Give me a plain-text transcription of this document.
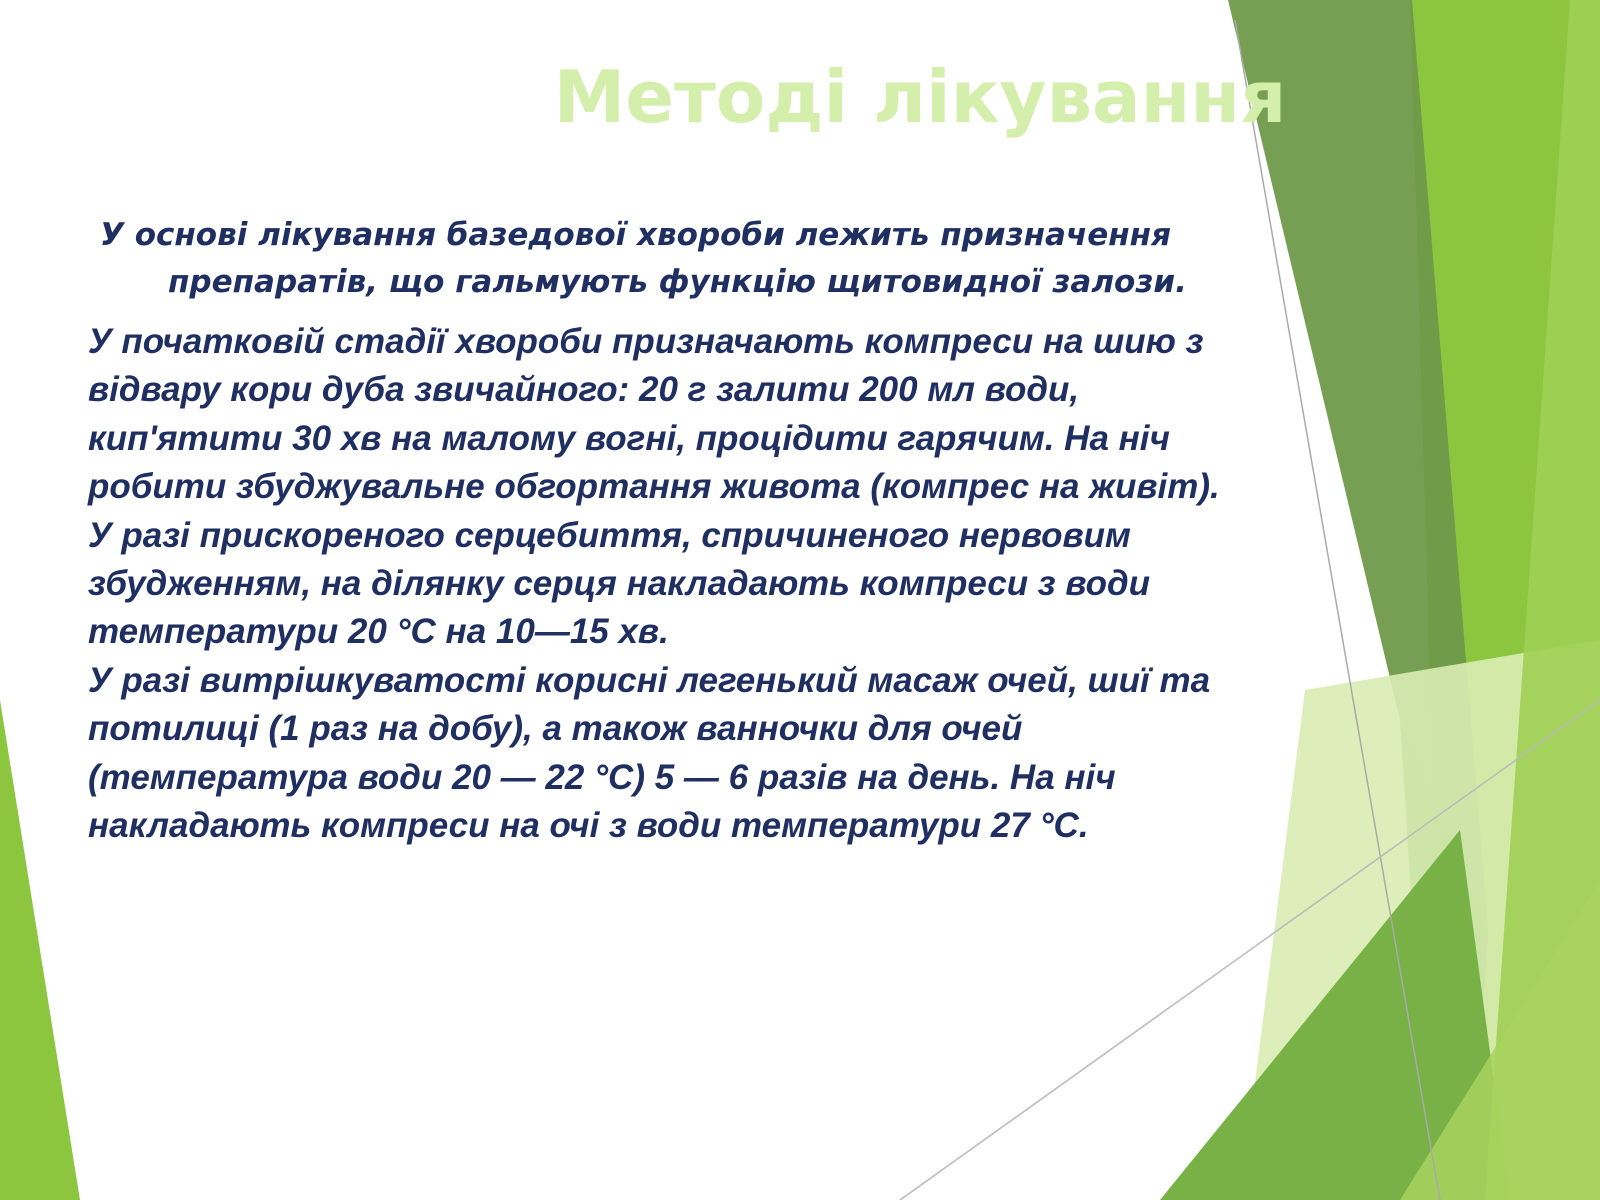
Методі лікування
У основі лікування базедової хвороби лежить призначення
препаратів, що гальмують функцію щитовидної залози.
У початковій стадії хвороби призначають компреси на шию з
відвару кори дуба звичайного: 20 г залити 200 мл води,
кип'ятити 30 хв на малому вогні, процідити гарячим. На ніч
робити збуджувальне обгортання живота (компрес на живіт).
У разі прискореного серцебиття, спричиненого нервовим
збудженням, на ділянку серця накладають компреси з води
температури 20 °С на 10—15 хв.
У разі витрішкуватості корисні легенький масаж очей, шиї та
потилиці (1 раз на добу), а також ванночки для очей
(температура води 20 — 22 °С) 5 — 6 разів на день. На ніч
накладають компреси на очі з води температури 27 °С.
